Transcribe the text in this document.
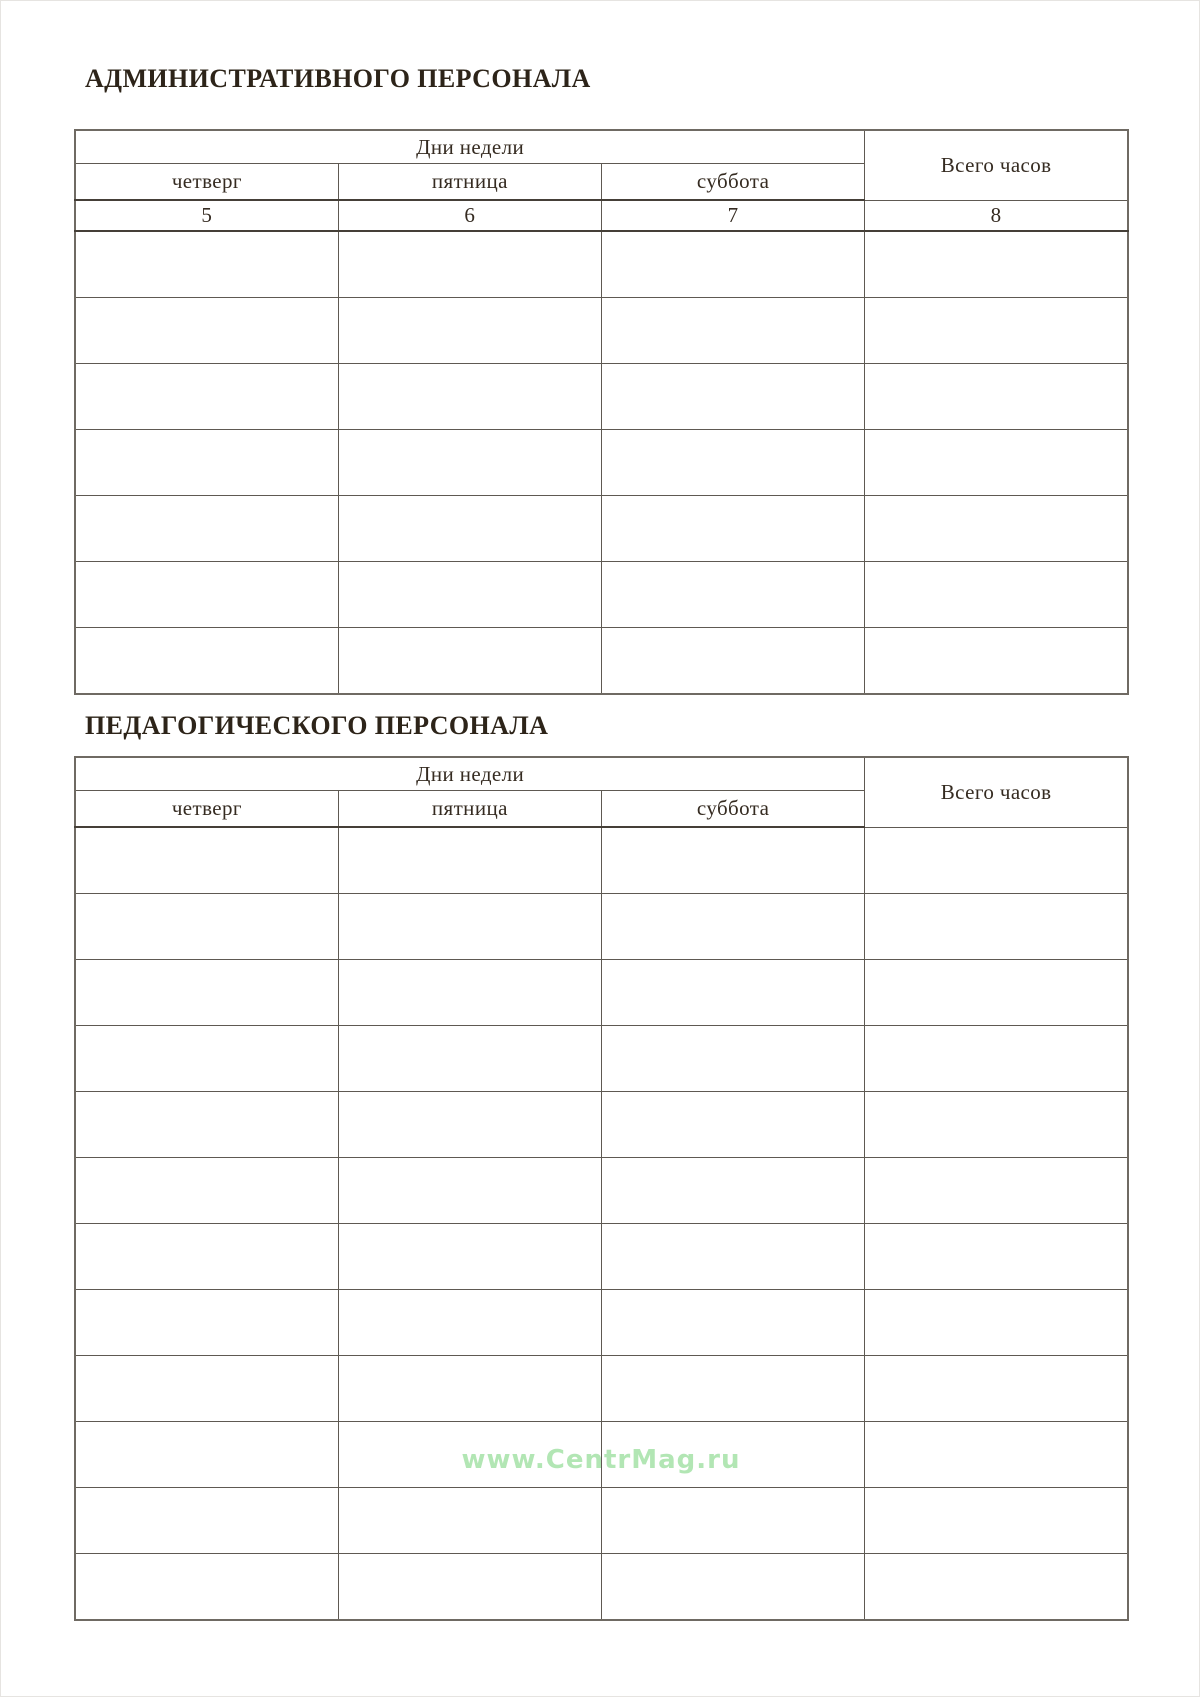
АДМИНИСТРАТИВНОГО ПЕРСОНАЛА
Дни недели			Всего часов
четверг	пятница	суббота	
5	6	7	8

ПЕДАГОГИЧЕСКОГО ПЕРСОНАЛА
Дни недели			Всего часов
четверг	пятница	суббота	

www.CentrMag.ru
